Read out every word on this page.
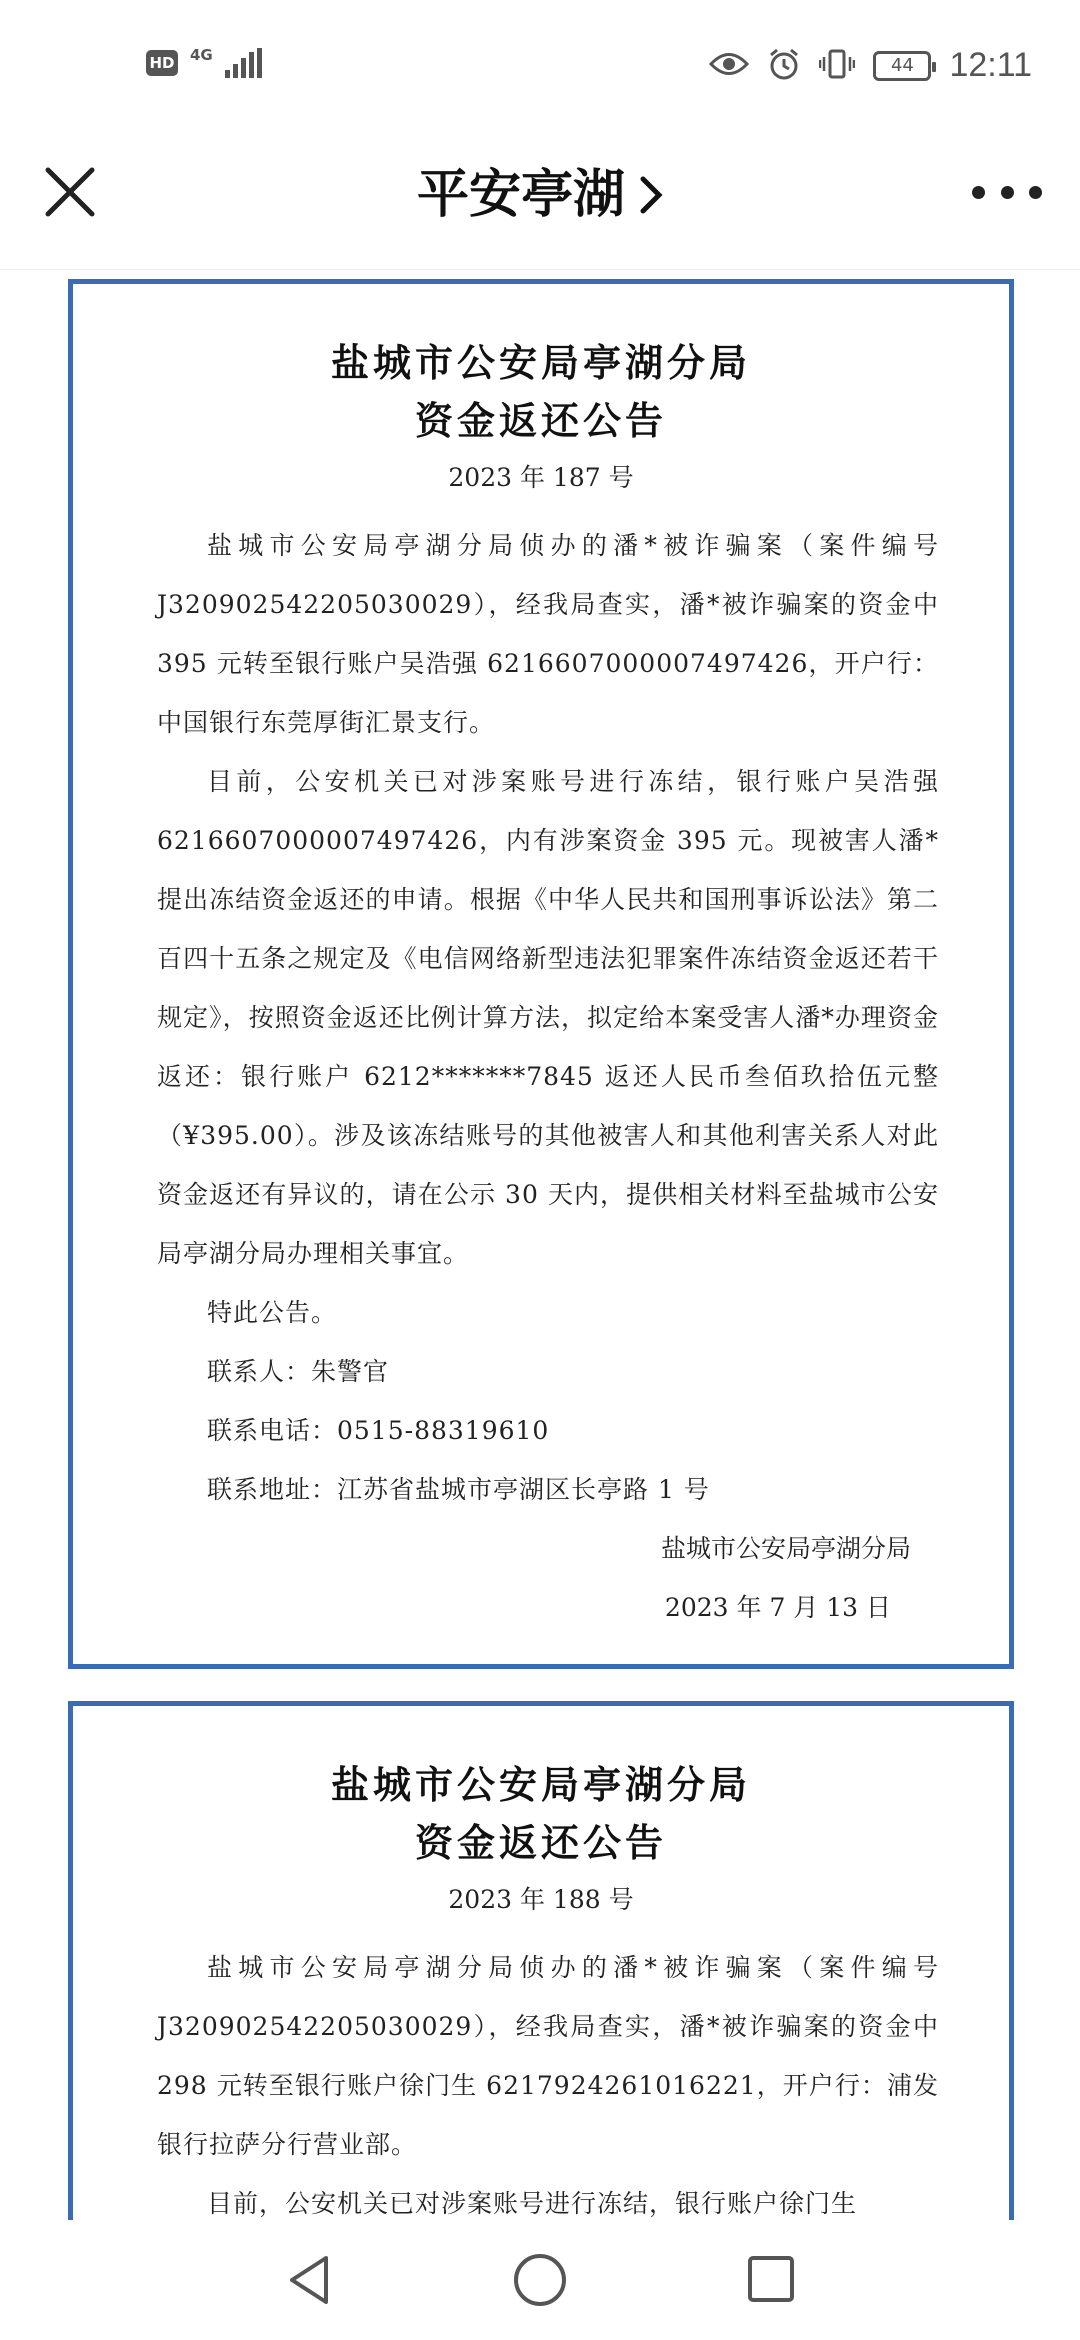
HD 4G	44	12:11
平安亭湖
盐城市公安局亭湖分局
资金返还公告
2023 年 187 号

盐城市公安局亭湖分局侦办的潘*被诈骗案（案件编号J320902542205030029），经我局查实，潘*被诈骗案的资金中395 元转至银行账户吴浩强 6216607000007497426，开户行：中国银行东莞厚街汇景支行。

目前，公安机关已对涉案账号进行冻结，银行账户吴浩强6216607000007497426，内有涉案资金 395 元。现被害人潘*提出冻结资金返还的申请。根据《中华人民共和国刑事诉讼法》第二百四十五条之规定及《电信网络新型违法犯罪案件冻结资金返还若干规定》，按照资金返还比例计算方法，拟定给本案受害人潘*办理资金返还：银行账户 6212*******7845 返还人民币叁佰玖拾伍元整（¥395.00）。涉及该冻结账号的其他被害人和其他利害关系人对此资金返还有异议的，请在公示 30 天内，提供相关材料至盐城市公安局亭湖分局办理相关事宜。

特此公告。

联系人：朱警官

联系电话：0515-88319610

联系地址：江苏省盐城市亭湖区长亭路 1 号

盐城市公安局亭湖分局
2023 年 7 月 13 日
盐城市公安局亭湖分局
资金返还公告
2023 年 188 号

盐城市公安局亭湖分局侦办的潘*被诈骗案（案件编号J320902542205030029），经我局查实，潘*被诈骗案的资金中298 元转至银行账户徐门生 6217924261016221，开户行：浦发银行拉萨分行营业部。

目前，公安机关已对涉案账号进行冻结，银行账户徐门生
